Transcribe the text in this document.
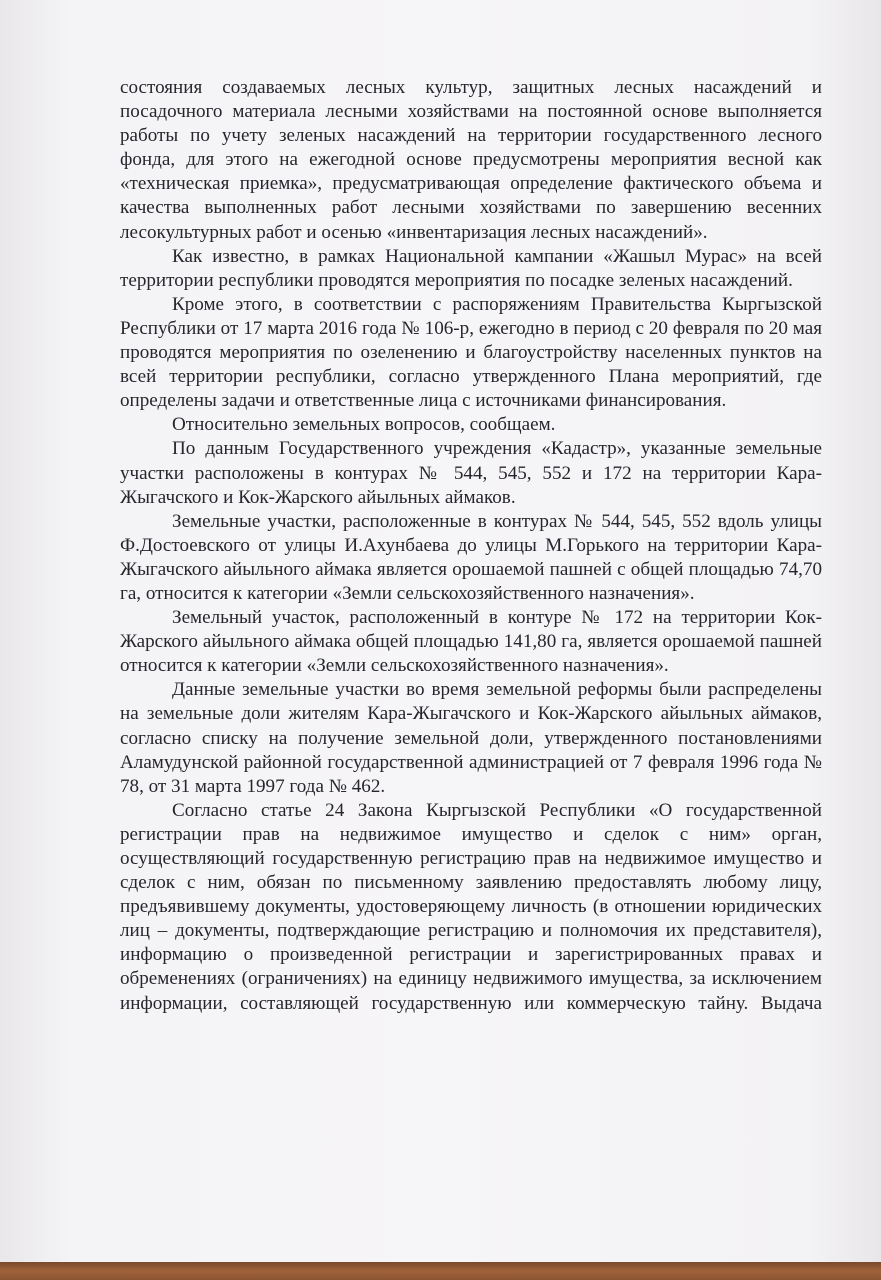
состояния создаваемых лесных культур, защитных лесных насаждений и посадочного материала лесными хозяйствами на постоянной основе выполняется работы по учету зеленых насаждений на территории государственного лесного фонда, для этого на ежегодной основе предусмотрены мероприятия весной как «техническая приемка», предусматривающая определение фактического объема и качества выполненных работ лесными хозяйствами по завершению весенних лесокультурных работ и осенью «инвентаризация лесных насаждений».

Как известно, в рамках Национальной кампании «Жашыл Мурас» на всей территории республики проводятся мероприятия по посадке зеленых насаждений.

Кроме этого, в соответствии с распоряжениям Правительства Кыргызской Республики от 17 марта 2016 года № 106-р, ежегодно в период с 20 февраля по 20 мая проводятся мероприятия по озеленению и благоустройству населенных пунктов на всей территории республики, согласно утвержденного Плана мероприятий, где определены задачи и ответственные лица с источниками финансирования.

Относительно земельных вопросов, сообщаем.

По данным Государственного учреждения «Кадастр», указанные земельные участки расположены в контурах № 544, 545, 552 и 172 на территории Кара-Жыгачского и Кок-Жарского айыльных аймаков.

Земельные участки, расположенные в контурах № 544, 545, 552 вдоль улицы Ф.Достоевского от улицы И.Ахунбаева до улицы М.Горького на территории Кара-Жыгачского айыльного аймака является орошаемой пашней с общей площадью 74,70 га, относится к категории «Земли сельскохозяйственного назначения».

Земельный участок, расположенный в контуре № 172 на территории Кок-Жарского айыльного аймака общей площадью 141,80 га, является орошаемой пашней относится к категории «Земли сельскохозяйственного назначения».

Данные земельные участки во время земельной реформы были распределены на земельные доли жителям Кара-Жыгачского и Кок-Жарского айыльных аймаков, согласно списку на получение земельной доли, утвержденного постановлениями Аламудунской районной государственной администрацией от 7 февраля 1996 года № 78, от 31 марта 1997 года № 462.

Согласно статье 24 Закона Кыргызской Республики «О государственной регистрации прав на недвижимое имущество и сделок с ним» орган, осуществляющий государственную регистрацию прав на недвижимое имущество и сделок с ним, обязан по письменному заявлению предоставлять любому лицу, предъявившему документы, удостоверяющему личность (в отношении юридических лиц – документы, подтверждающие регистрацию и полномочия их представителя), информацию о произведенной регистрации и зарегистрированных правах и обременениях (ограничениях) на единицу недвижимого имущества, за исключением информации, составляющей государственную или коммерческую тайну. Выдача
